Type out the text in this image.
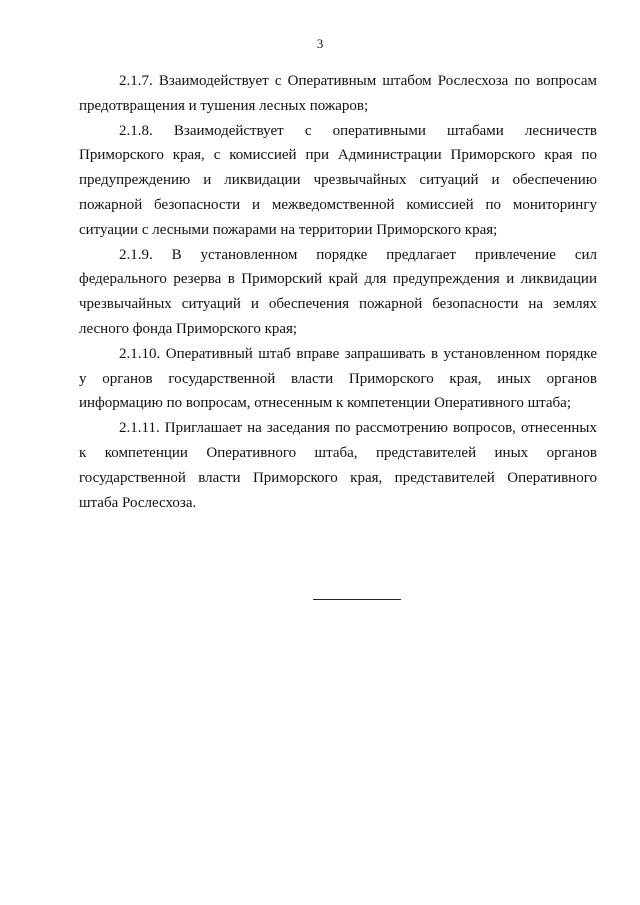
3
2.1.7. Взаимодействует с Оперативным штабом Рослесхоза по вопросам
предотвращения и тушения лесных пожаров;
2.1.8. Взаимодействует с оперативными штабами лесничеств
Приморского края, с комиссией при Администрации Приморского края по
предупреждению и ликвидации чрезвычайных ситуаций и обеспечению
пожарной безопасности и межведомственной комиссией по мониторингу
ситуации с лесными пожарами на территории Приморского края;
2.1.9. В установленном порядке предлагает привлечение сил
федерального резерва в Приморский край для предупреждения и ликвидации
чрезвычайных ситуаций и обеспечения пожарной безопасности на землях
лесного фонда Приморского края;
2.1.10. Оперативный штаб вправе запрашивать в установленном порядке
у органов государственной власти Приморского края, иных органов
информацию по вопросам, отнесенным к компетенции Оперативного штаба;
2.1.11. Приглашает на заседания по рассмотрению вопросов, отнесенных
к компетенции Оперативного штаба, представителей иных органов
государственной власти Приморского края, представителей Оперативного
штаба Рослесхоза.
